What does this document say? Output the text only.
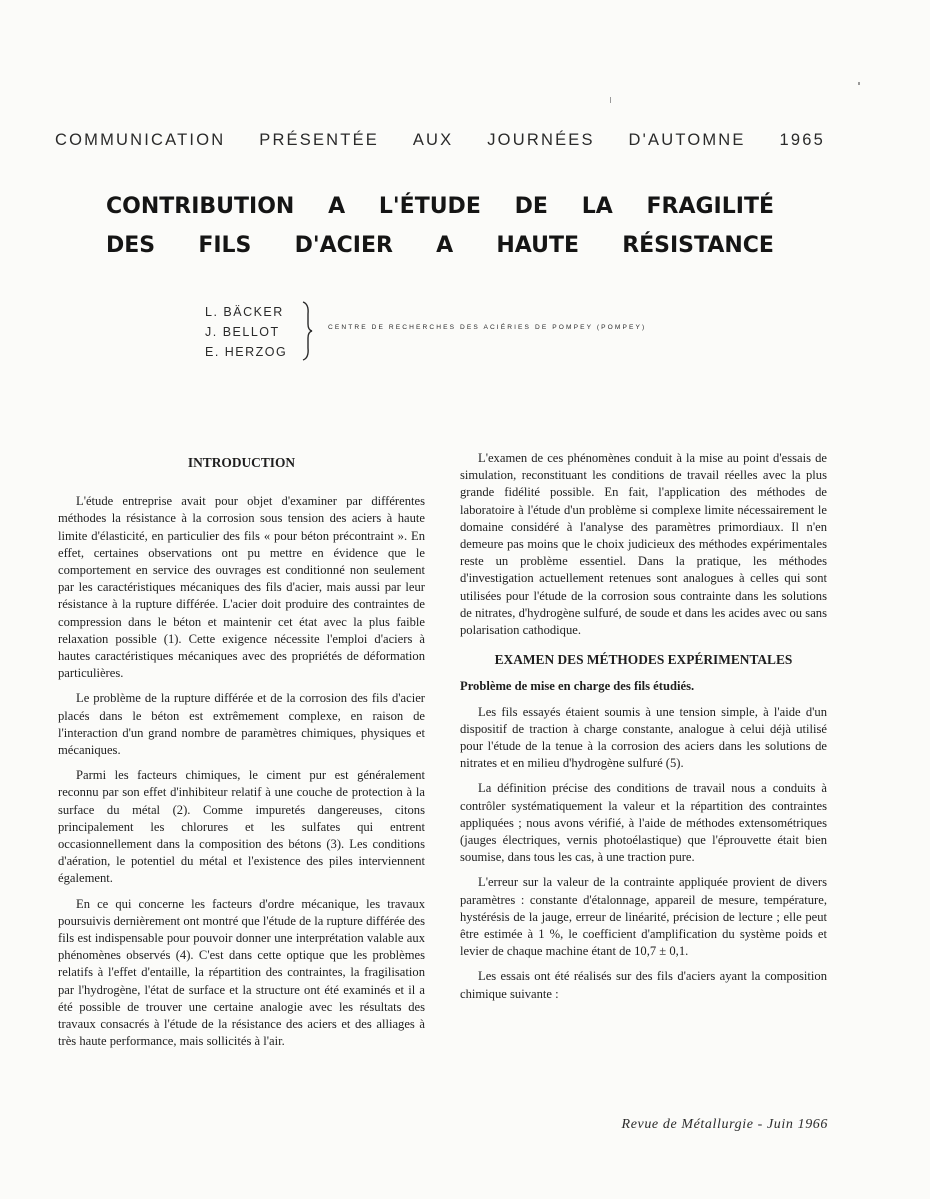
COMMUNICATION PRÉSENTÉE AUX JOURNÉES D'AUTOMNE 1965
CONTRIBUTION A L'ÉTUDE DE LA FRAGILITÉ
DES FILS D'ACIER A HAUTE RÉSISTANCE
L. BÄCKER
J. BELLOT
E. HERZOG
CENTRE DE RECHERCHES DES ACIÉRIES DE POMPEY (POMPEY)
INTRODUCTION

L'étude entreprise avait pour objet d'examiner par différentes méthodes la résistance à la corrosion sous tension des aciers à haute limite d'élasticité, en particulier des fils « pour béton précontraint ». En effet, certaines observations ont pu mettre en évidence que le comportement en service des ouvrages est conditionné non seulement par les caractéristiques mécaniques des fils d'acier, mais aussi par leur résistance à la rupture différée. L'acier doit produire des contraintes de compression dans le béton et maintenir cet état avec la plus faible relaxation possible (1). Cette exigence nécessite l'emploi d'aciers à hautes caractéristiques mécaniques avec des propriétés de déformation particulières.

Le problème de la rupture différée et de la corrosion des fils d'acier placés dans le béton est extrêmement complexe, en raison de l'interaction d'un grand nombre de paramètres chimiques, physiques et mécaniques.

Parmi les facteurs chimiques, le ciment pur est généralement reconnu par son effet d'inhibiteur relatif à une couche de protection à la surface du métal (2). Comme impuretés dangereuses, citons principalement les chlorures et les sulfates qui entrent occasionnellement dans la composition des bétons (3). Les conditions d'aération, le potentiel du métal et l'existence des piles interviennent également.

En ce qui concerne les facteurs d'ordre mécanique, les travaux poursuivis dernièrement ont montré que l'étude de la rupture différée des fils est indispensable pour pouvoir donner une interprétation valable aux phénomènes observés (4). C'est dans cette optique que les problèmes relatifs à l'effet d'entaille, la répartition des contraintes, la fragilisation par l'hydrogène, l'état de surface et la structure ont été examinés et il a été possible de trouver une certaine analogie avec les résultats des travaux consacrés à l'étude de la résistance des aciers et des alliages à très haute performance, mais sollicités à l'air.

L'examen de ces phénomènes conduit à la mise au point d'essais de simulation, reconstituant les conditions de travail réelles avec la plus grande fidélité possible. En fait, l'application des méthodes de laboratoire à l'étude d'un problème si complexe limite nécessairement le domaine considéré à l'analyse des paramètres primordiaux. Il n'en demeure pas moins que le choix judicieux des méthodes expérimentales reste un problème essentiel. Dans la pratique, les méthodes d'investigation actuellement retenues sont analogues à celles qui sont utilisées pour l'étude de la corrosion sous contrainte dans les solutions de nitrates, d'hydrogène sulfuré, de soude et dans les acides avec ou sans polarisation cathodique.

EXAMEN DES MÉTHODES EXPÉRIMENTALES
Problème de mise en charge des fils étudiés.

Les fils essayés étaient soumis à une tension simple, à l'aide d'un dispositif de traction à charge constante, analogue à celui déjà utilisé pour l'étude de la tenue à la corrosion des aciers dans les solutions de nitrates et en milieu d'hydrogène sulfuré (5).

La définition précise des conditions de travail nous a conduits à contrôler systématiquement la valeur et la répartition des contraintes appliquées ; nous avons vérifié, à l'aide de méthodes extensométriques (jauges électriques, vernis photoélastique) que l'éprouvette était bien soumise, dans tous les cas, à une traction pure.

L'erreur sur la valeur de la contrainte appliquée provient de divers paramètres : constante d'étalonnage, appareil de mesure, température, hystérésis de la jauge, erreur de linéarité, précision de lecture ; elle peut être estimée à 1 %, le coefficient d'amplification du système poids et levier de chaque machine étant de 10,7 ± 0,1.

Les essais ont été réalisés sur des fils d'aciers ayant la composition chimique suivante :

Revue de Métallurgie - Juin 1966
